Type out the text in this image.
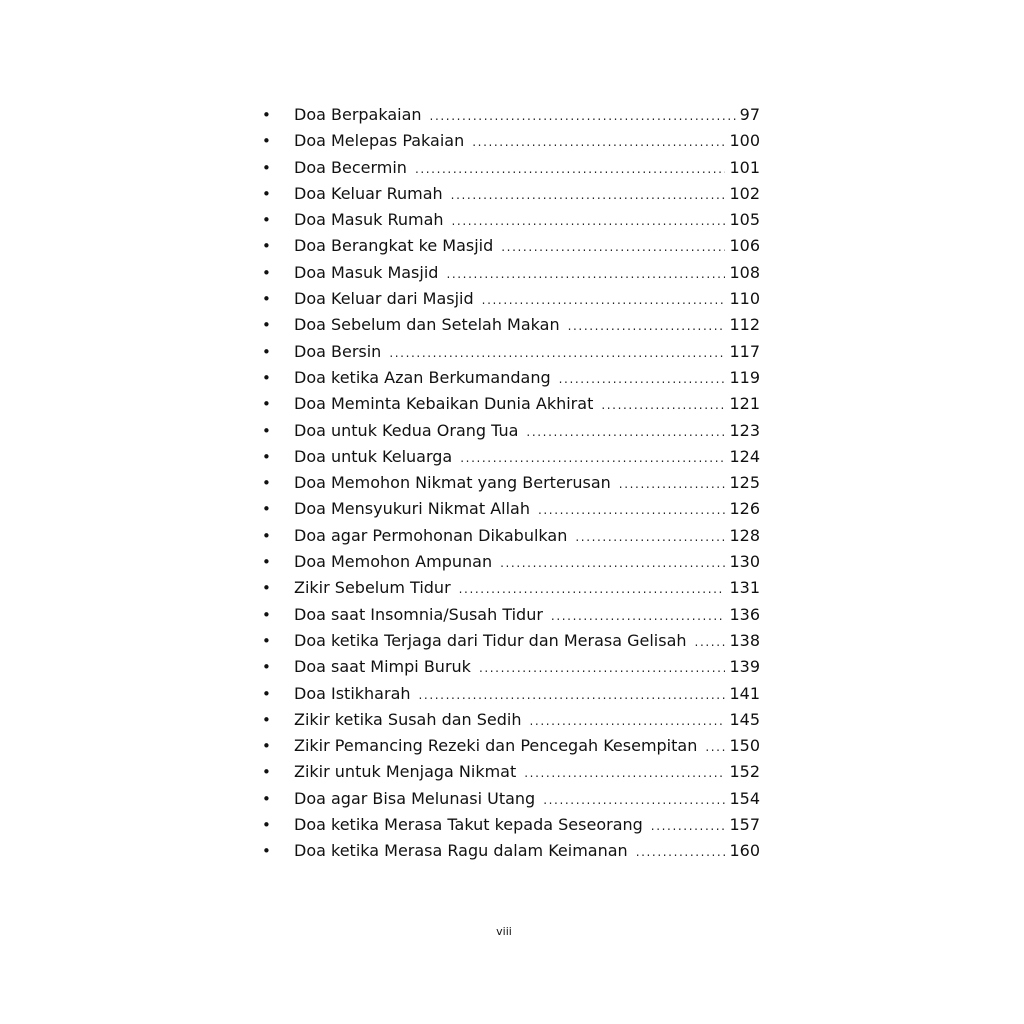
•	Doa Berpakaian .....	97
•	Doa Melepas Pakaian .....	100
•	Doa Becermin .....	101
•	Doa Keluar Rumah .....	102
•	Doa Masuk Rumah .....	105
•	Doa Berangkat ke Masjid .....	106
•	Doa Masuk Masjid .....	108
•	Doa Keluar dari Masjid .....	110
•	Doa Sebelum dan Setelah Makan .....	112
•	Doa Bersin .....	117
•	Doa ketika Azan Berkumandang .....	119
•	Doa Meminta Kebaikan Dunia Akhirat .....	121
•	Doa untuk Kedua Orang Tua .....	123
•	Doa untuk Keluarga .....	124
•	Doa Memohon Nikmat yang Berterusan .....	125
•	Doa Mensyukuri Nikmat Allah .....	126
•	Doa agar Permohonan Dikabulkan .....	128
•	Doa Memohon Ampunan .....	130
•	Zikir Sebelum Tidur .....	131
•	Doa saat Insomnia/Susah Tidur .....	136
•	Doa ketika Terjaga dari Tidur dan Merasa Gelisah .....	138
•	Doa saat Mimpi Buruk .....	139
•	Doa Istikharah .....	141
•	Zikir ketika Susah dan Sedih .....	145
•	Zikir Pemancing Rezeki dan Pencegah Kesempitan ..... 150
•	Zikir untuk Menjaga Nikmat .....	152
•	Doa agar Bisa Melunasi Utang .....	154
•	Doa ketika Merasa Takut kepada Seseorang .....	157
•	Doa ketika Merasa Ragu dalam Keimanan .....	160
viii
